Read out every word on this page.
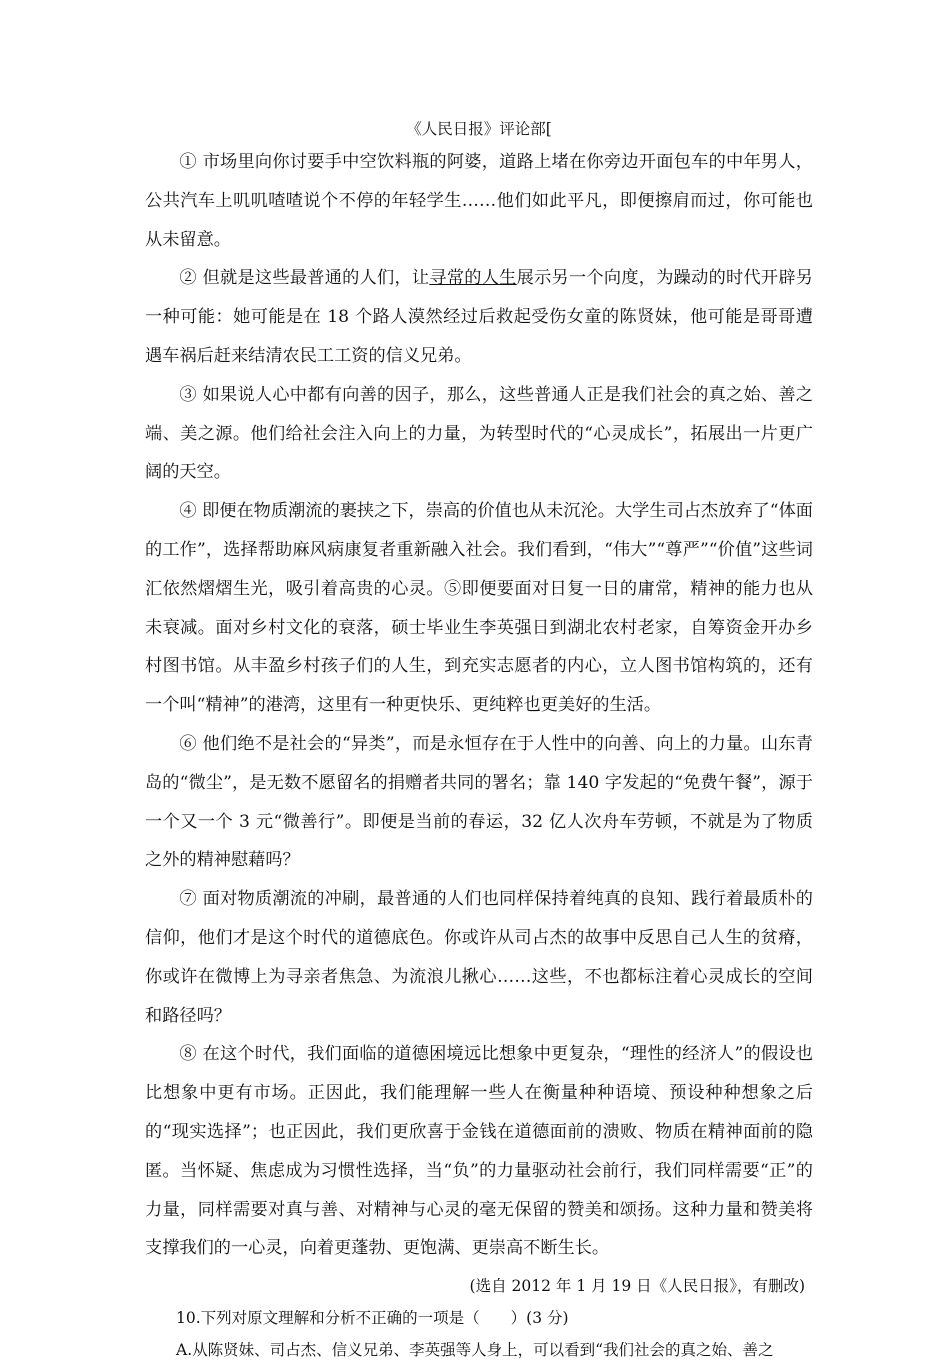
《人民日报》评论部[

① 市场里向你讨要手中空饮料瓶的阿婆，道路上堵在你旁边开面包车的中年男人，公共汽车上叽叽喳喳说个不停的年轻学生……他们如此平凡，即便擦肩而过，你可能也从未留意。

② 但就是这些最普通的人们，让寻常的人生展示另一个向度，为躁动的时代开辟另一种可能：她可能是在 18 个路人漠然经过后救起受伤女童的陈贤妹，他可能是哥哥遭遇车祸后赶来结清农民工工资的信义兄弟。

③ 如果说人心中都有向善的因子，那么，这些普通人正是我们社会的真之始、善之端、美之源。他们给社会注入向上的力量，为转型时代的“心灵成长”，拓展出一片更广阔的天空。

④ 即便在物质潮流的裹挟之下，崇高的价值也从未沉沦。大学生司占杰放弃了“体面的工作”，选择帮助麻风病康复者重新融入社会。我们看到，“伟大”“尊严”“价值”这些词汇依然熠熠生光，吸引着高贵的心灵。⑤即便要面对日复一日的庸常，精神的能力也从未衰减。面对乡村文化的衰落，硕士毕业生李英强日到湖北农村老家，自筹资金开办乡村图书馆。从丰盈乡村孩子们的人生，到充实志愿者的内心，立人图书馆构筑的，还有一个叫“精神”的港湾，这里有一种更快乐、更纯粹也更美好的生活。

⑥ 他们绝不是社会的“异类”，而是永恒存在于人性中的向善、向上的力量。山东青岛的“微尘”，是无数不愿留名的捐赠者共同的署名；靠 140 字发起的“免费午餐”，源于一个又一个 3 元“微善行”。即便是当前的春运，32 亿人次舟车劳顿，不就是为了物质之外的精神慰藉吗？

⑦ 面对物质潮流的冲刷，最普通的人们也同样保持着纯真的良知、践行着最质朴的信仰，他们才是这个时代的道德底色。你或许从司占杰的故事中反思自己人生的贫瘠，你或许在微博上为寻亲者焦急、为流浪儿揪心……这些，不也都标注着心灵成长的空间和路径吗？

⑧ 在这个时代，我们面临的道德困境远比想象中更复杂，“理性的经济人”的假设也比想象中更有市场。正因此，我们能理解一些人在衡量种种语境、预设种种想象之后的“现实选择”；也正因此，我们更欣喜于金钱在道德面前的溃败、物质在精神面前的隐匿。当怀疑、焦虑成为习惯性选择，当“负”的力量驱动社会前行，我们同样需要“正”的力量，同样需要对真与善、对精神与心灵的毫无保留的赞美和颂扬。这种力量和赞美将支撑我们的一心灵，向着更蓬勃、更饱满、更崇高不断生长。

(选自 2012 年 1 月 19 日《人民日报》，有删改)

10.下列对原文理解和分析不正确的一项是（　　）(3 分)

A.从陈贤妹、司占杰、信义兄弟、李英强等人身上，可以看到“我们社会的真之始、善之
